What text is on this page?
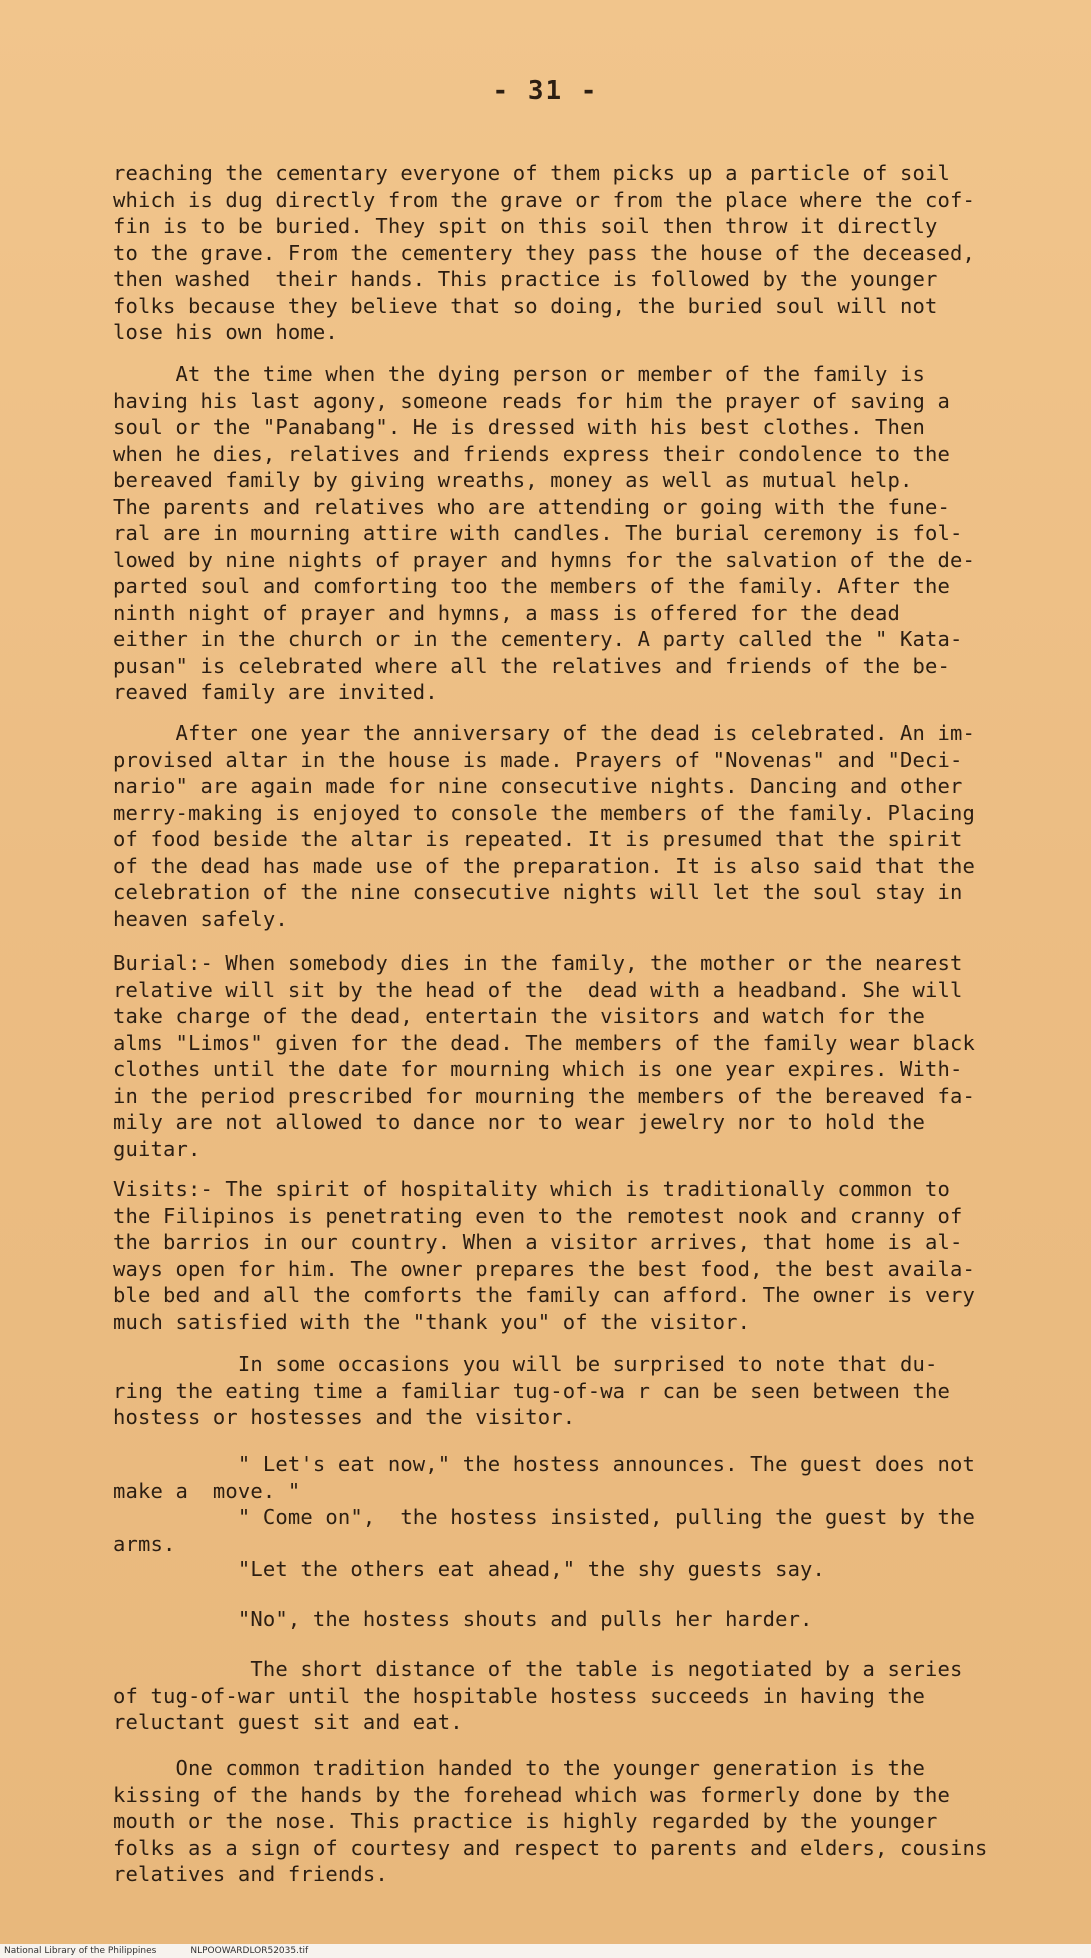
- 31 -

reaching the cementary everyone of them picks up a particle of soil
which is dug directly from the grave or from the place where the cof-
fin is to be buried. They spit on this soil then throw it directly
to the grave. From the cementery they pass the house of the deceased,
then washed  their hands. This practice is followed by the younger
folks because they believe that so doing, the buried soul will not
lose his own home.

At the time when the dying person or member of the family is
having his last agony, someone reads for him the prayer of saving a
soul or the "Panabang". He is dressed with his best clothes. Then
when he dies, relatives and friends express their condolence to the
bereaved family by giving wreaths, money as well as mutual help.
The parents and relatives who are attending or going with the fune-
ral are in mourning attire with candles. The burial ceremony is fol-
lowed by nine nights of prayer and hymns for the salvation of the de-
parted soul and comforting too the members of the family. After the
ninth night of prayer and hymns, a mass is offered for the dead
either in the church or in the cementery. A party called the " Kata-
pusan" is celebrated where all the relatives and friends of the be-
reaved family are invited.

After one year the anniversary of the dead is celebrated. An im-
provised altar in the house is made. Prayers of "Novenas" and "Deci-
nario" are again made for nine consecutive nights. Dancing and other
merry-making is enjoyed to console the members of the family. Placing
of food beside the altar is repeated. It is presumed that the spirit
of the dead has made use of the preparation. It is also said that the
celebration of the nine consecutive nights will let the soul stay in
heaven safely.

Burial:- When somebody dies in the family, the mother or the nearest
relative will sit by the head of the  dead with a headband. She will
take charge of the dead, entertain the visitors and watch for the
alms "Limos" given for the dead. The members of the family wear black
clothes until the date for mourning which is one year expires. With-
in the period prescribed for mourning the members of the bereaved fa-
mily are not allowed to dance nor to wear jewelry nor to hold the
guitar.

Visits:- The spirit of hospitality which is traditionally common to
the Filipinos is penetrating even to the remotest nook and cranny of
the barrios in our country. When a visitor arrives, that home is al-
ways open for him. The owner prepares the best food, the best availa-
ble bed and all the comforts the family can afford. The owner is very
much satisfied with the "thank you" of the visitor.

In some occasions you will be surprised to note that du-
ring the eating time a familiar tug-of-wa r can be seen between the
hostess or hostesses and the visitor.

" Let's eat now," the hostess announces. The guest does not
make a  move. "
" Come on",  the hostess insisted, pulling the guest by the
arms.

"Let the others eat ahead," the shy guests say.

"No", the hostess shouts and pulls her harder.

The short distance of the table is negotiated by a series
of tug-of-war until the hospitable hostess succeeds in having the
reluctant guest sit and eat.

One common tradition handed to the younger generation is the
kissing of the hands by the forehead which was formerly done by the
mouth or the nose. This practice is highly regarded by the younger
folks as a sign of courtesy and respect to parents and elders, cousins
relatives and friends.

National Library of the Philippines	NLPOOWARDLOR52035.tif
